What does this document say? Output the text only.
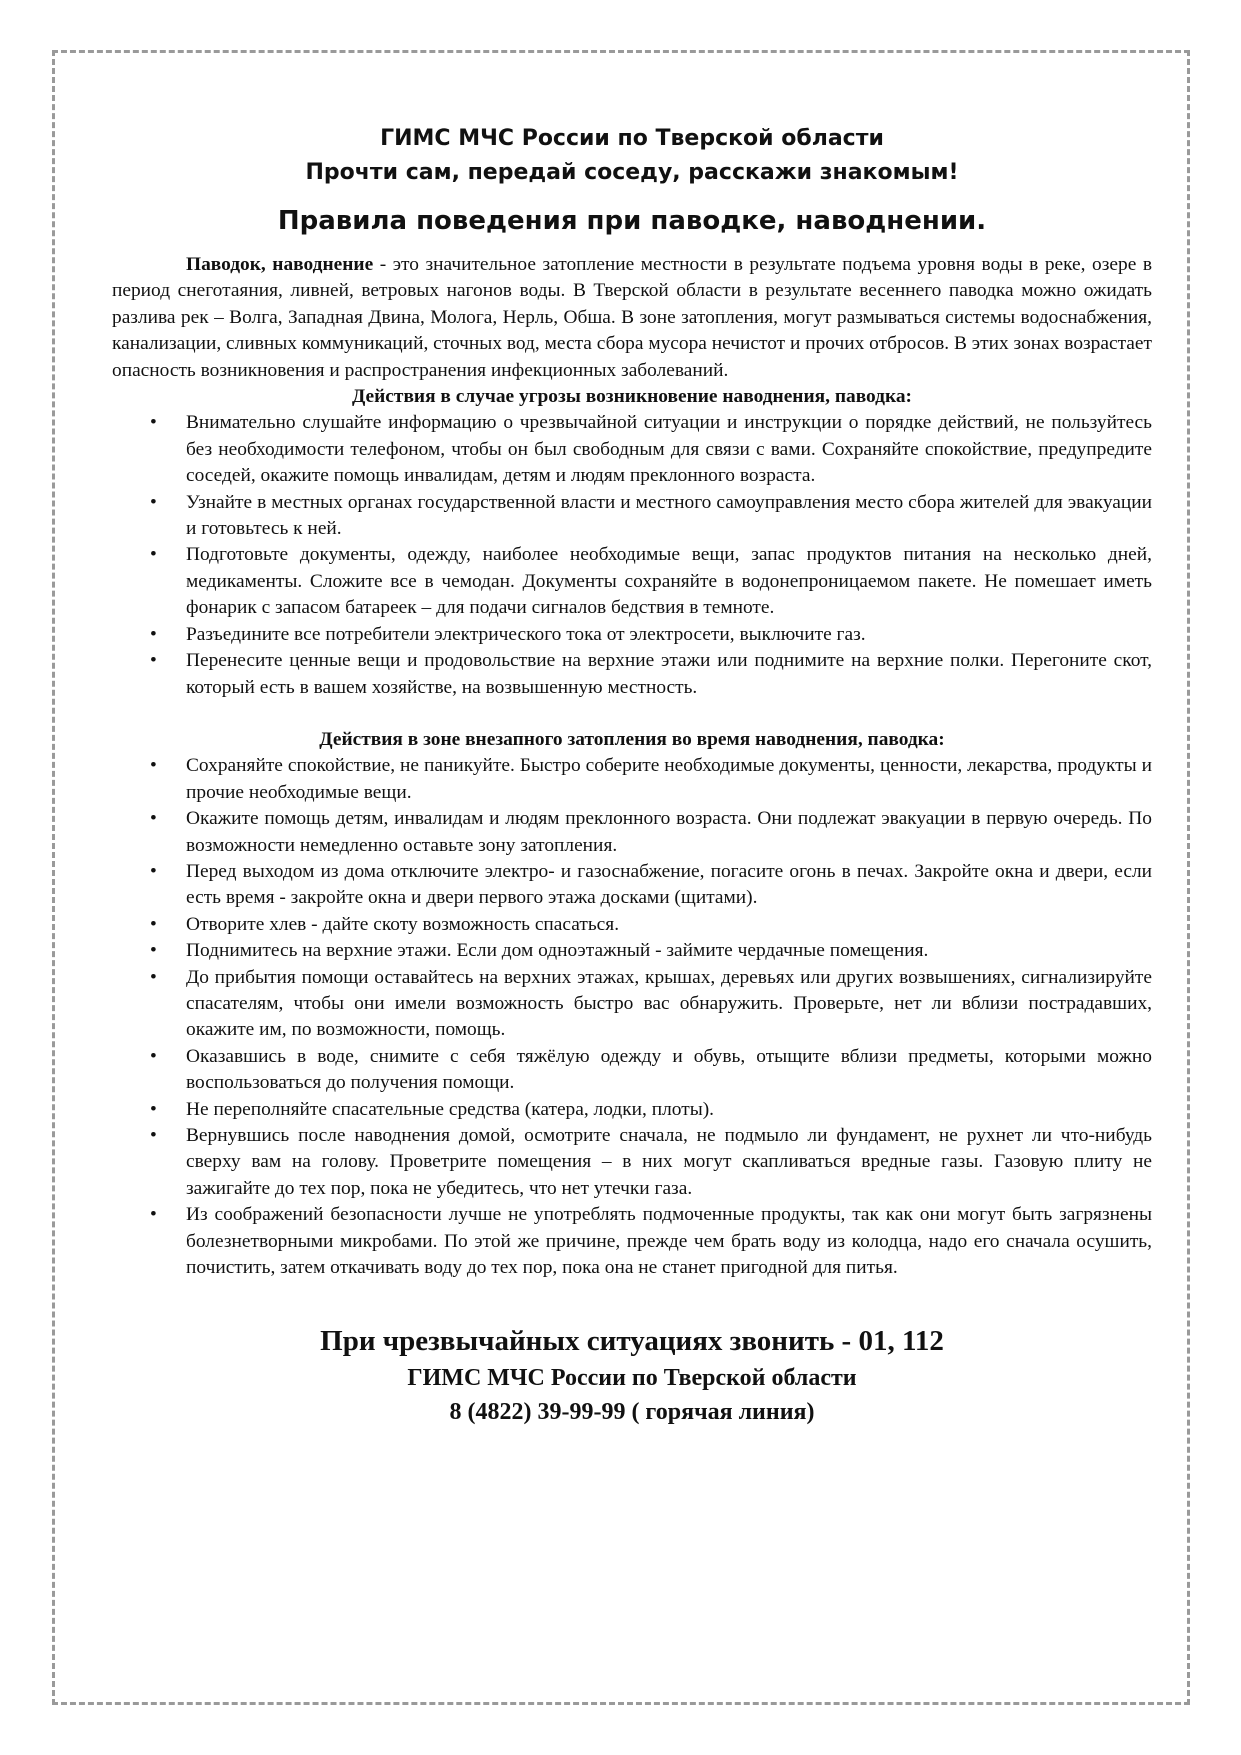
ГИМС МЧС России по Тверской области
Прочти сам, передай соседу, расскажи знакомым!
Правила поведения при паводке, наводнении.

Паводок, наводнение - это значительное затопление местности в результате подъема уровня воды в реке, озере в период снеготаяния, ливней, ветровых нагонов воды. В Тверской области в результате весеннего паводка можно ожидать разлива рек – Волга, Западная Двина, Молога, Нерль, Обша. В зоне затопления, могут размываться системы водоснабжения, канализации, сливных коммуникаций, сточных вод, места сбора мусора нечистот и прочих отбросов. В этих зонах возрастает опасность возникновения и распространения инфекционных заболеваний.

Действия в случае угрозы возникновение наводнения, паводка:
• Внимательно слушайте информацию о чрезвычайной ситуации и инструкции о порядке действий, не пользуйтесь без необходимости телефоном, чтобы он был свободным для связи с вами. Сохраняйте спокойствие, предупредите соседей, окажите помощь инвалидам, детям и людям преклонного возраста.
• Узнайте в местных органах государственной власти и местного самоуправления место сбора жителей для эвакуации и готовьтесь к ней.
• Подготовьте документы, одежду, наиболее необходимые вещи, запас продуктов питания на несколько дней, медикаменты. Сложите все в чемодан. Документы сохраняйте в водонепроницаемом пакете. Не помешает иметь фонарик с запасом батареек – для подачи сигналов бедствия в темноте.
• Разъедините все потребители электрического тока от электросети, выключите газ.
• Перенесите ценные вещи и продовольствие на верхние этажи или поднимите на верхние полки. Перегоните скот, который есть в вашем хозяйстве, на возвышенную местность.
Действия в зоне внезапного затопления во время наводнения, паводка:
• Сохраняйте спокойствие, не паникуйте. Быстро соберите необходимые документы, ценности, лекарства, продукты и прочие необходимые вещи.
• Окажите помощь детям, инвалидам и людям преклонного возраста. Они подлежат эвакуации в первую очередь. По возможности немедленно оставьте зону затопления.
• Перед выходом из дома отключите электро- и газоснабжение, погасите огонь в печах. Закройте окна и двери, если есть время - закройте окна и двери первого этажа досками (щитами).
• Отворите хлев - дайте скоту возможность спасаться.
• Поднимитесь на верхние этажи. Если дом одноэтажный - займите чердачные помещения.
• До прибытия помощи оставайтесь на верхних этажах, крышах, деревьях или других возвышениях, сигнализируйте спасателям, чтобы они имели возможность быстро вас обнаружить. Проверьте, нет ли вблизи пострадавших, окажите им, по возможности, помощь.
• Оказавшись в воде, снимите с себя тяжёлую одежду и обувь, отыщите вблизи предметы, которыми можно воспользоваться до получения помощи.
• Не переполняйте спасательные средства (катера, лодки, плоты).
• Вернувшись после наводнения домой, осмотрите сначала, не подмыло ли фундамент, не рухнет ли что-нибудь сверху вам на голову. Проветрите помещения – в них могут скапливаться вредные газы. Газовую плиту не зажигайте до тех пор, пока не убедитесь, что нет утечки газа.
• Из соображений безопасности лучше не употреблять подмоченные продукты, так как они могут быть загрязнены болезнетворными микробами. По этой же причине, прежде чем брать воду из колодца, надо его сначала осушить, почистить, затем откачивать воду до тех пор, пока она не станет пригодной для питья.
При чрезвычайных ситуациях звонить - 01, 112
ГИМС МЧС России по Тверской области
8 (4822) 39-99-99 ( горячая линия)
